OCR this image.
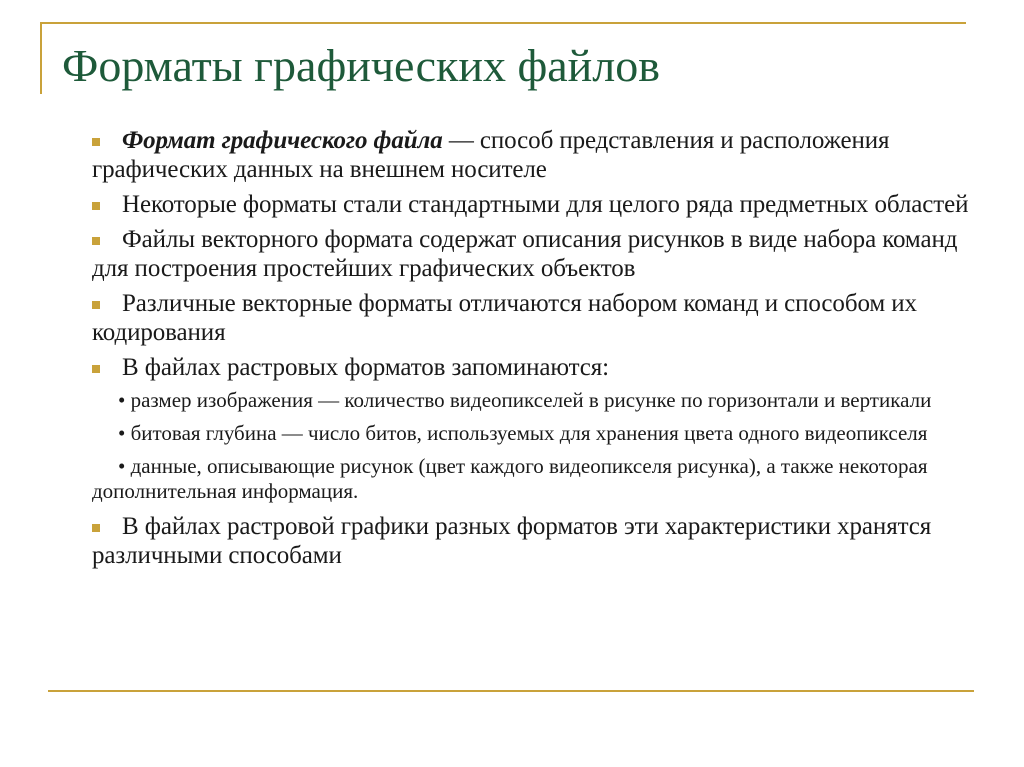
Форматы графических файлов
Формат графического файла — способ представления и расположения графических данных на внешнем носителе
Некоторые форматы стали стандартными для целого ряда предметных областей
Файлы векторного формата содержат описания рисунков в виде набора команд для построения простейших графических объектов
Различные векторные форматы отличаются набором команд и способом их кодирования
В файлах растровых форматов запоминаются:
• размер изображения — количество видеопикселей в рисунке по горизонтали и вертикали
• битовая глубина — число битов, используемых для хранения цвета одного видеопикселя
• данные, описывающие рисунок (цвет каждого видеопикселя рисунка), а также некоторая дополнительная информация.
В файлах растровой графики разных форматов эти характеристики хранятся различными способами
